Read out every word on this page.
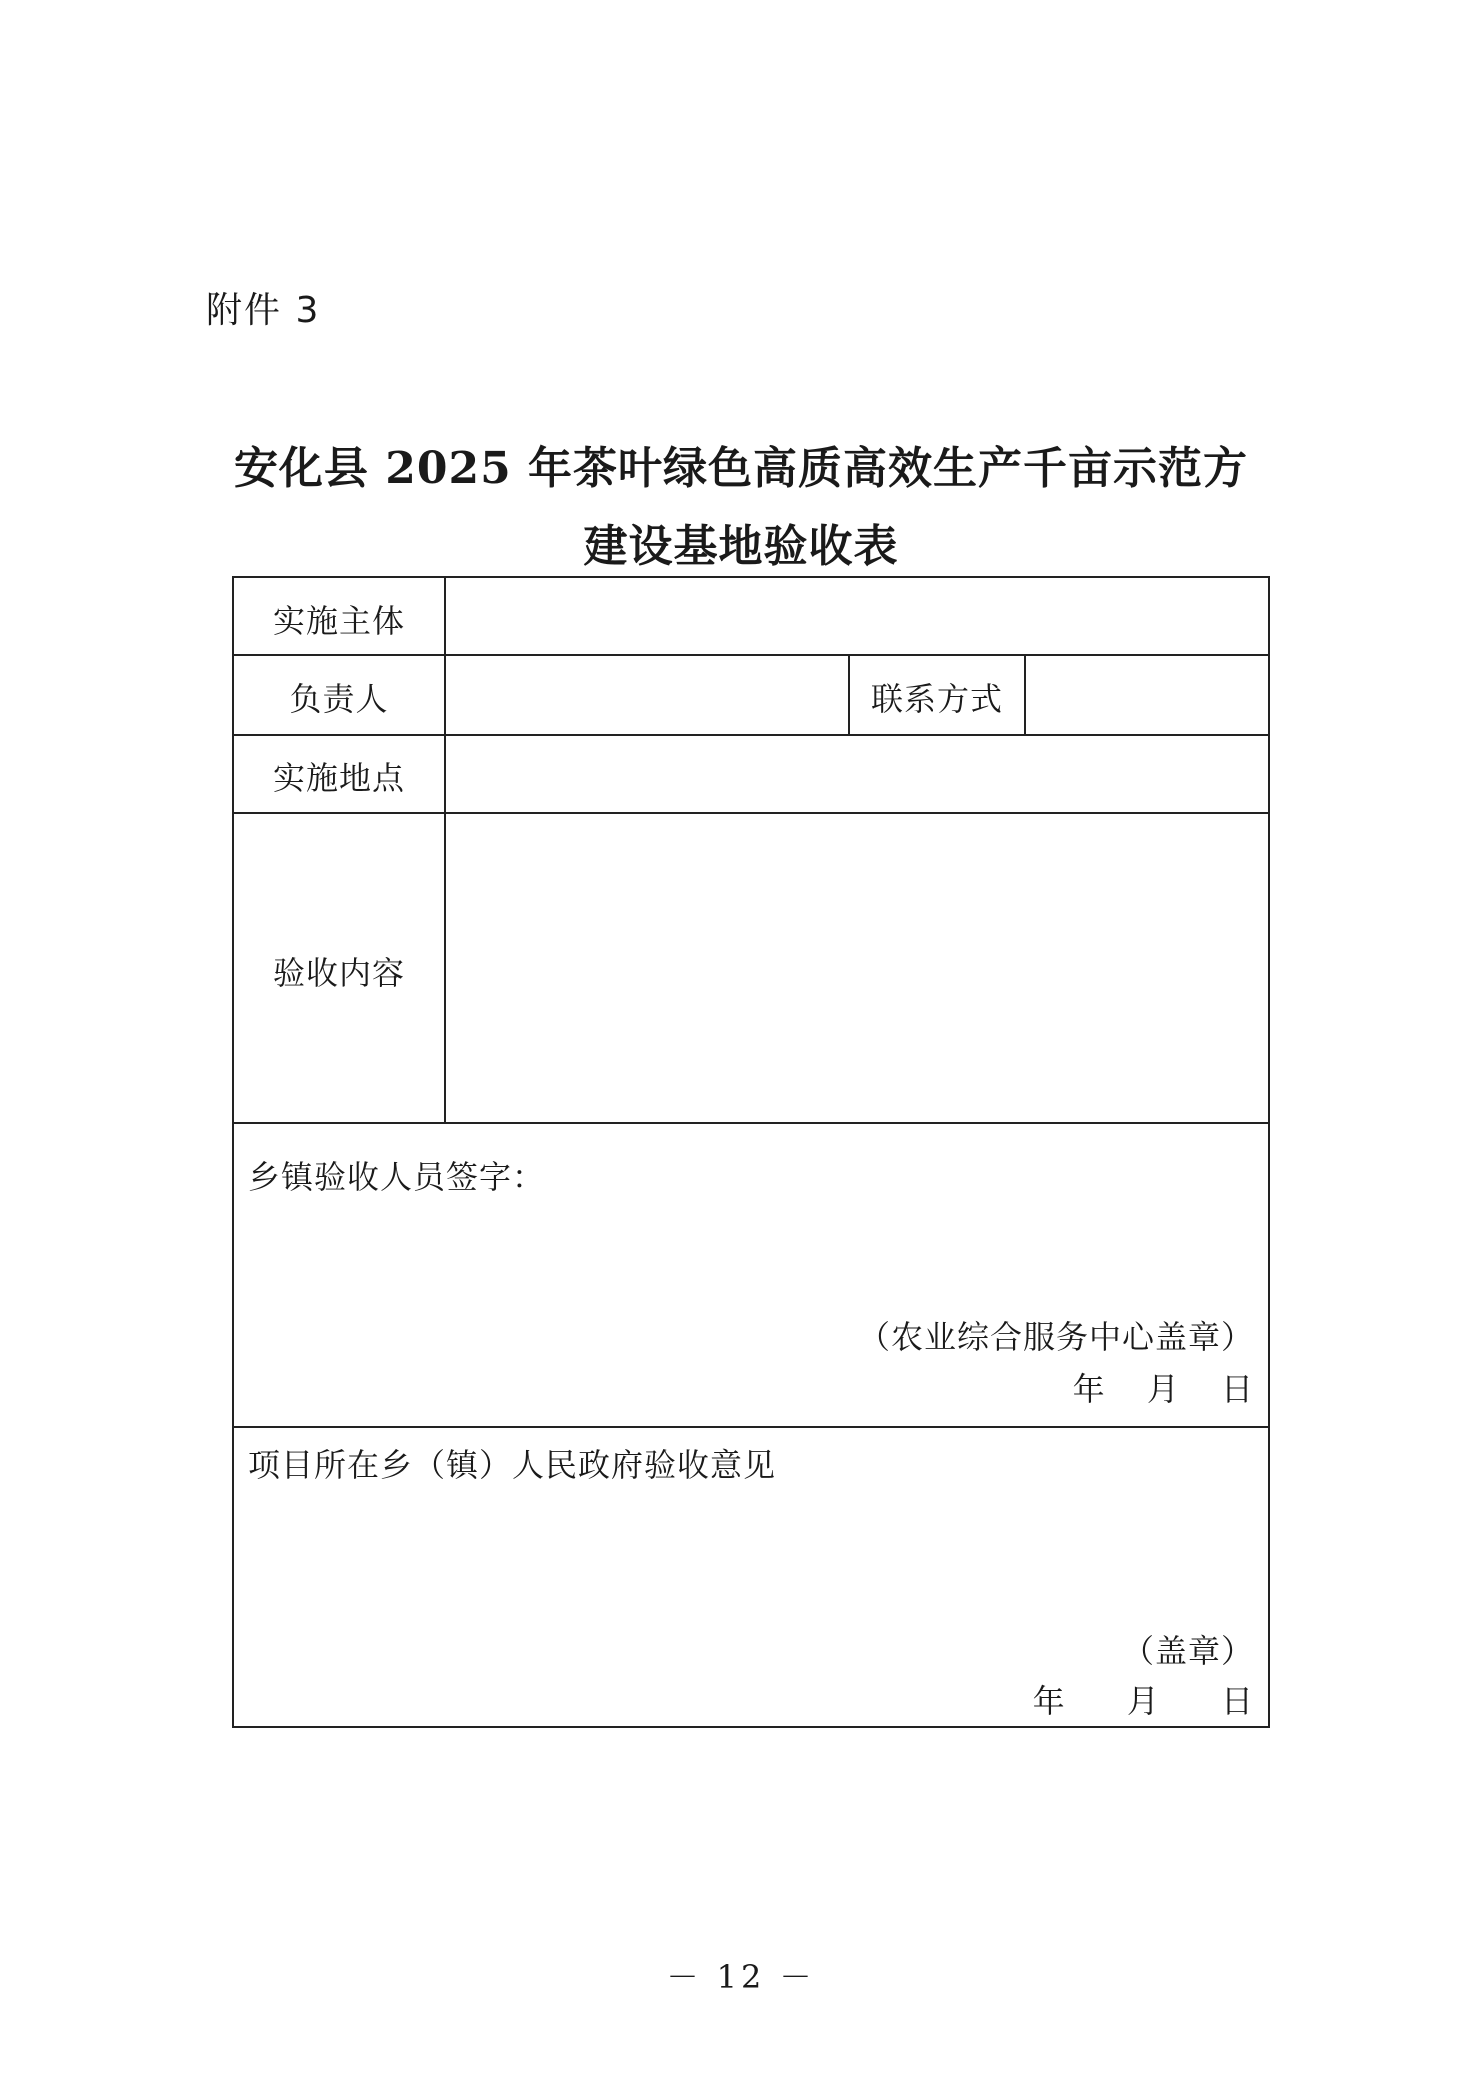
附件 3
安化县 2025 年茶叶绿色高质高效生产千亩示范方
建设基地验收表
实施主体
负责人	联系方式
实施地点
验收内容
乡镇验收人员签字：
（农业综合服务中心盖章）
年 月 日
项目所在乡（镇）人民政府验收意见
（盖章）
年 月 日
－ 12 －
